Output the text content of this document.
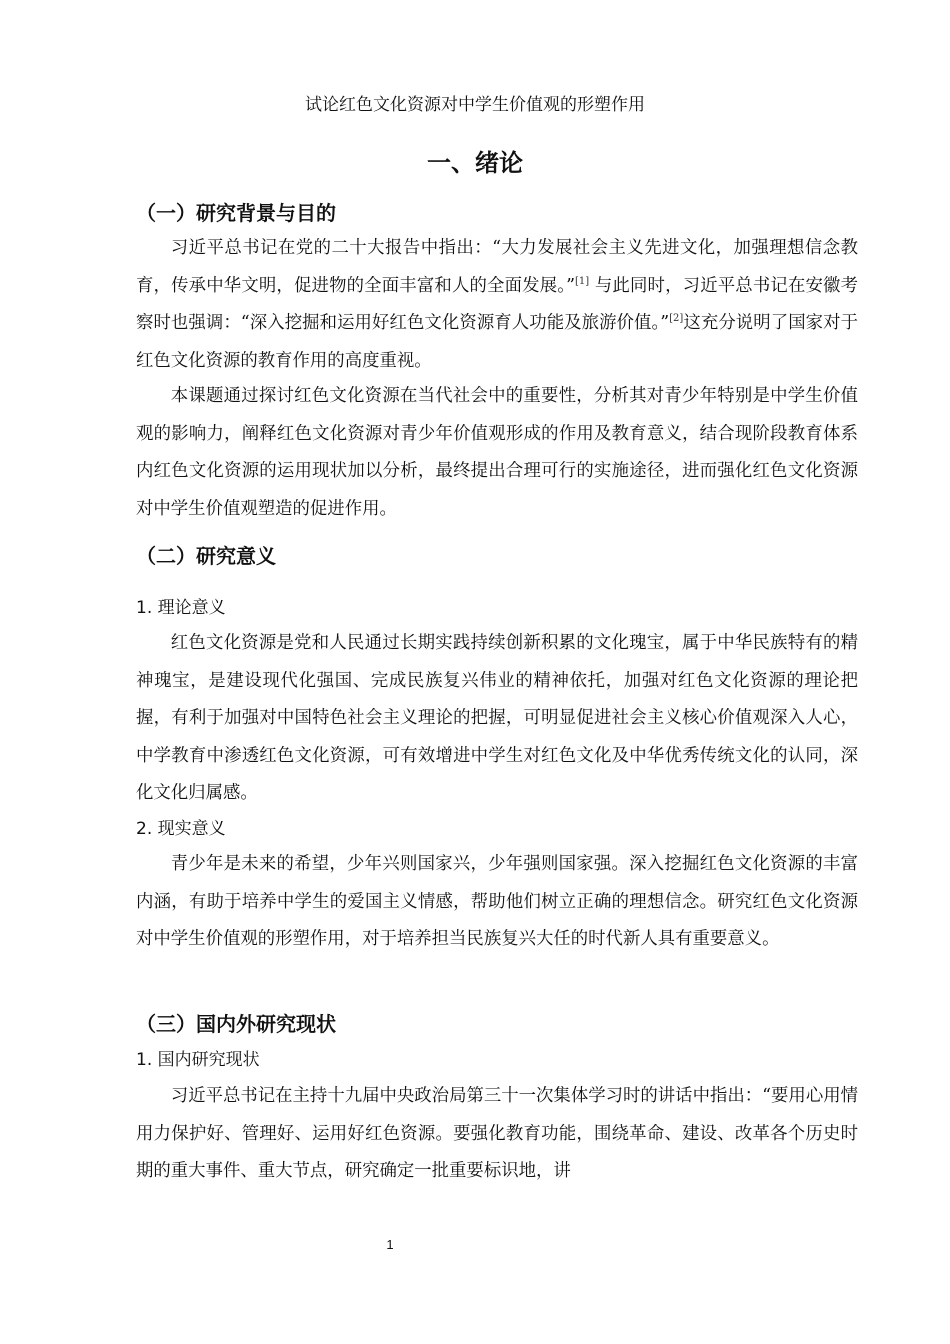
试论红色文化资源对中学生价值观的形塑作用
一、绪论
（一）研究背景与目的

习近平总书记在党的二十大报告中指出：“大力发展社会主义先进文化，加强理想信念教育，传承中华文明，促进物的全面丰富和人的全面发展。”[1] 与此同时，习近平总书记在安徽考察时也强调：“深入挖掘和运用好红色文化资源育人功能及旅游价值。”[2]这充分说明了国家对于红色文化资源的教育作用的高度重视。

本课题通过探讨红色文化资源在当代社会中的重要性，分析其对青少年特别是中学生价值观的影响力，阐释红色文化资源对青少年价值观形成的作用及教育意义，结合现阶段教育体系内红色文化资源的运用现状加以分析，最终提出合理可行的实施途径，进而强化红色文化资源对中学生价值观塑造的促进作用。

（二）研究意义
1. 理论意义

红色文化资源是党和人民通过长期实践持续创新积累的文化瑰宝，属于中华民族特有的精神瑰宝，是建设现代化强国、完成民族复兴伟业的精神依托，加强对红色文化资源的理论把握，有利于加强对中国特色社会主义理论的把握，可明显促进社会主义核心价值观深入人心，中学教育中渗透红色文化资源，可有效增进中学生对红色文化及中华优秀传统文化的认同，深化文化归属感。

2. 现实意义

青少年是未来的希望，少年兴则国家兴，少年强则国家强。深入挖掘红色文化资源的丰富内涵，有助于培养中学生的爱国主义情感，帮助他们树立正确的理想信念。研究红色文化资源对中学生价值观的形塑作用，对于培养担当民族复兴大任的时代新人具有重要意义。

（三）国内外研究现状
1. 国内研究现状

习近平总书记在主持十九届中央政治局第三十一次集体学习时的讲话中指出：“要用心用情用力保护好、管理好、运用好红色资源。要强化教育功能，围绕革命、建设、改革各个历史时期的重大事件、重大节点，研究确定一批重要标识地，讲

1
